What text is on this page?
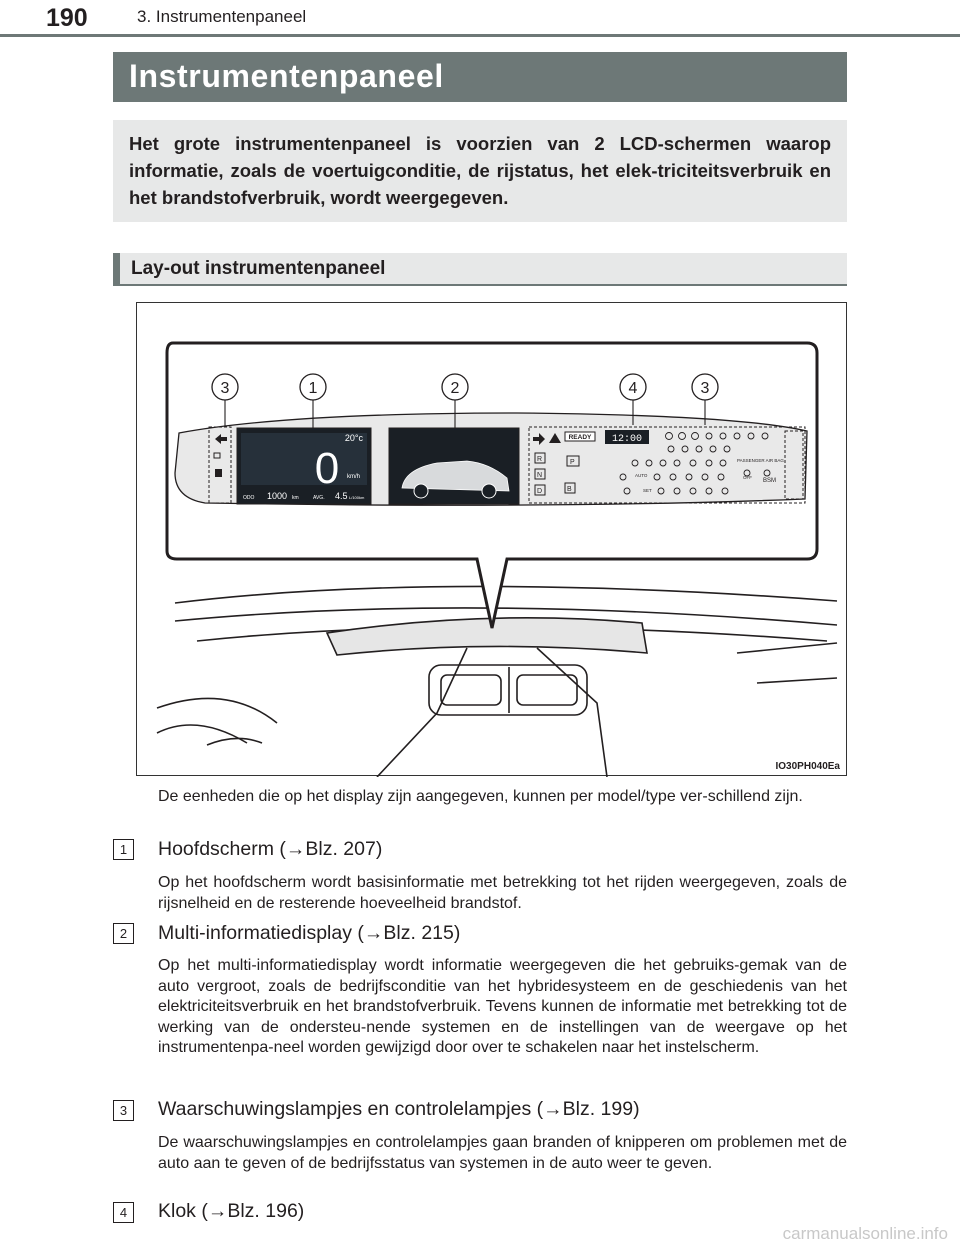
190	3. Instrumentenpaneel
Instrumentenpaneel
Het grote instrumentenpaneel is voorzien van 2 LCD-schermen waarop informatie, zoals de voertuigconditie, de rijstatus, het elek-triciteitsverbruik en het brandstofverbruik, wordt weergegeven.
Lay-out instrumentenpaneel
3	1	2	4	3
20°c
0 km/h
ODO 1000 km	AVG. 4.5 L/100km
READY 12:00
R
N
D	B
P	PASSENGER AIR BAG
BSM
OFF
SET
AUTO
IO30PH040Ea
De eenheden die op het display zijn aangegeven, kunnen per model/type ver-schillend zijn.
1	Hoofdscherm (→Blz. 207)
Op het hoofdscherm wordt basisinformatie met betrekking tot het rijden weergegeven, zoals de rijsnelheid en de resterende hoeveelheid brandstof.
2	Multi-informatiedisplay (→Blz. 215)
Op het multi-informatiedisplay wordt informatie weergegeven die het gebruiks-gemak van de auto vergroot, zoals de bedrijfsconditie van het hybridesysteem en de geschiedenis van het elektriciteitsverbruik en het brandstofverbruik. Tevens kunnen de informatie met betrekking tot de werking van de ondersteu-nende systemen en de instellingen van de weergave op het instrumentenpa-neel worden gewijzigd door over te schakelen naar het instelscherm.
3	Waarschuwingslampjes en controlelampjes (→Blz. 199)
De waarschuwingslampjes en controlelampjes gaan branden of knipperen om problemen met de auto aan te geven of de bedrijfsstatus van systemen in de auto weer te geven.
4	Klok (→Blz. 196)
carmanualsonline.info
